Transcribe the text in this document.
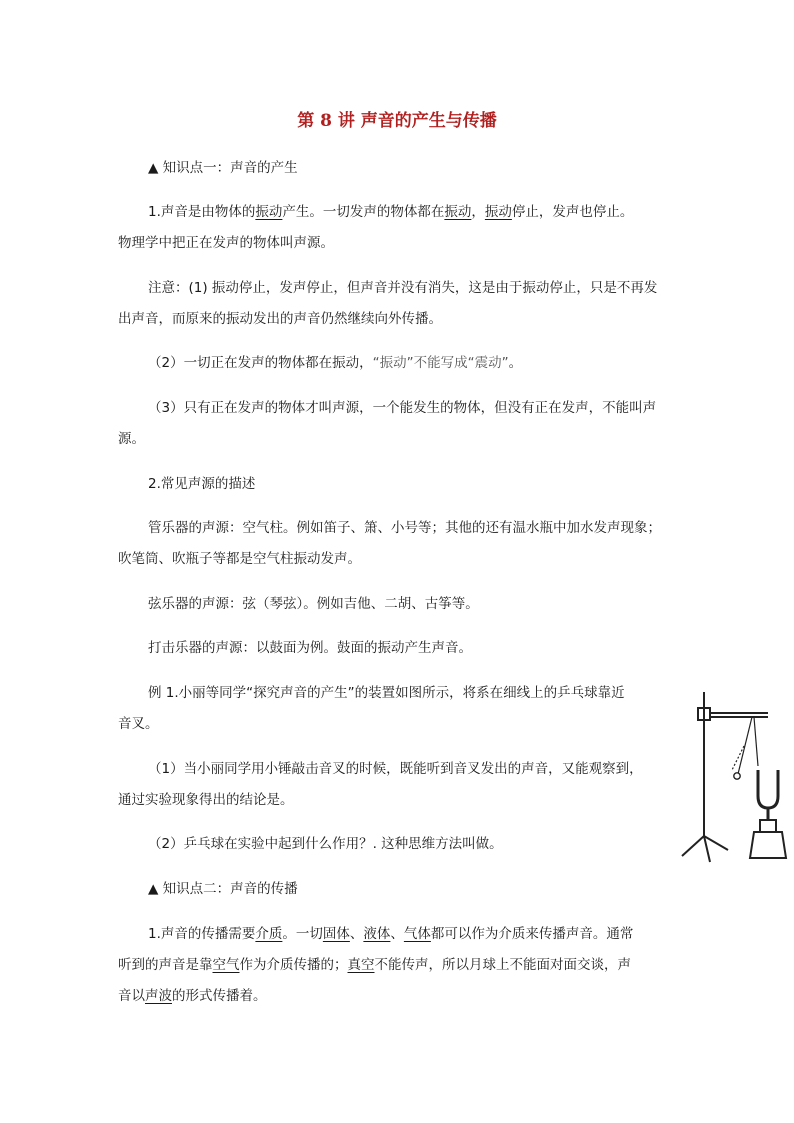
第 8 讲 声音的产生与传播
▲ 知识点一：声音的产生
1.声音是由物体的振动产生。一切发声的物体都在振动，振动停止，发声也停止。
物理学中把正在发声的物体叫声源。
注意：(1) 振动停止，发声停止，但声音并没有消失，这是由于振动停止，只是不再发
出声音，而原来的振动发出的声音仍然继续向外传播。
（2）一切正在发声的物体都在振动，“振动”不能写成“震动”。
（3）只有正在发声的物体才叫声源，一个能发生的物体，但没有正在发声，不能叫声
源。
2.常见声源的描述
管乐器的声源：空气柱。例如笛子、箫、小号等；其他的还有温水瓶中加水发声现象；
吹笔筒、吹瓶子等都是空气柱振动发声。
弦乐器的声源：弦（琴弦）。例如吉他、二胡、古筝等。
打击乐器的声源：以鼓面为例。鼓面的振动产生声音。
例 1.小丽等同学“探究声音的产生”的装置如图所示，将系在细线上的乒乓球靠近
音叉。
（1）当小丽同学用小锤敲击音叉的时候，既能听到音叉发出的声音，又能观察到，
通过实验现象得出的结论是。
（2）乒乓球在实验中起到什么作用？. 这种思维方法叫做。
▲ 知识点二：声音的传播
1.声音的传播需要介质。一切固体、液体、气体都可以作为介质来传播声音。通常
听到的声音是靠空气作为介质传播的；真空不能传声，所以月球上不能面对面交谈，声
音以声波的形式传播着。
